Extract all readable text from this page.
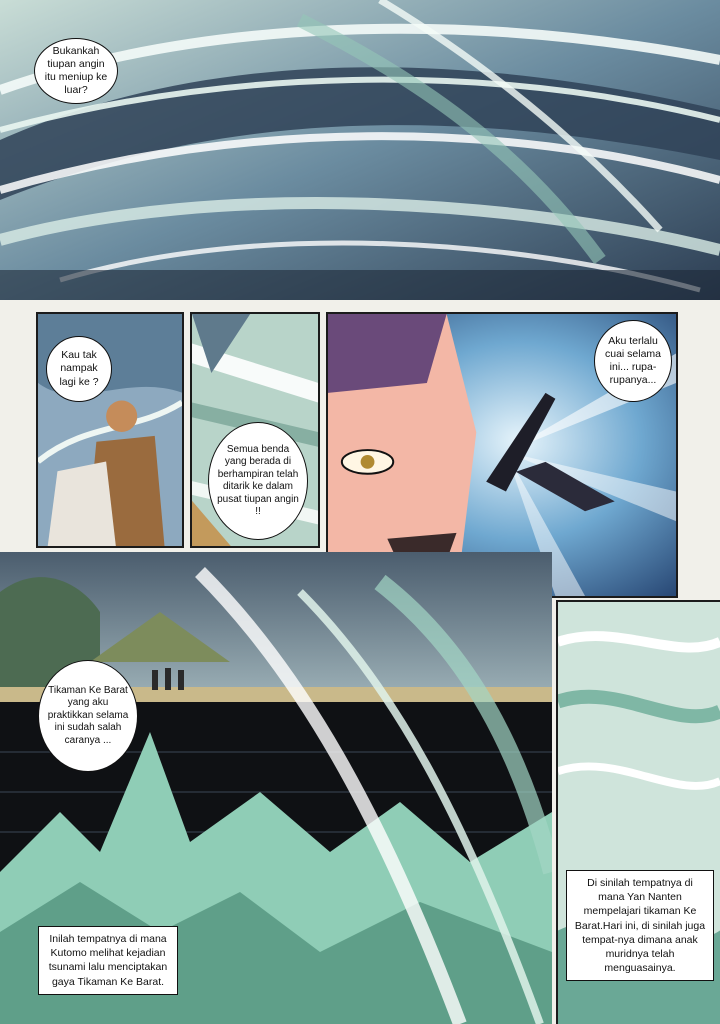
Bukankah tiupan angin itu meniup ke luar?
Kau tak nampak lagi ke ?
Semua benda yang berada di berhampiran telah ditarik ke dalam pusat tiupan angin !!
Aku terlalu cuai selama ini... rupa-rupanya...
Tikaman Ke Barat yang aku praktikkan selama ini sudah salah caranya ...
Inilah tempatnya di mana Kutomo melihat kejadian tsunami lalu menciptakan gaya Tikaman Ke Barat.
Di sinilah tempatnya di mana Yan Nanten mempelajari tikaman Ke Barat.Hari ini, di sinilah juga tempat-nya dimana anak muridnya telah menguasainya.
